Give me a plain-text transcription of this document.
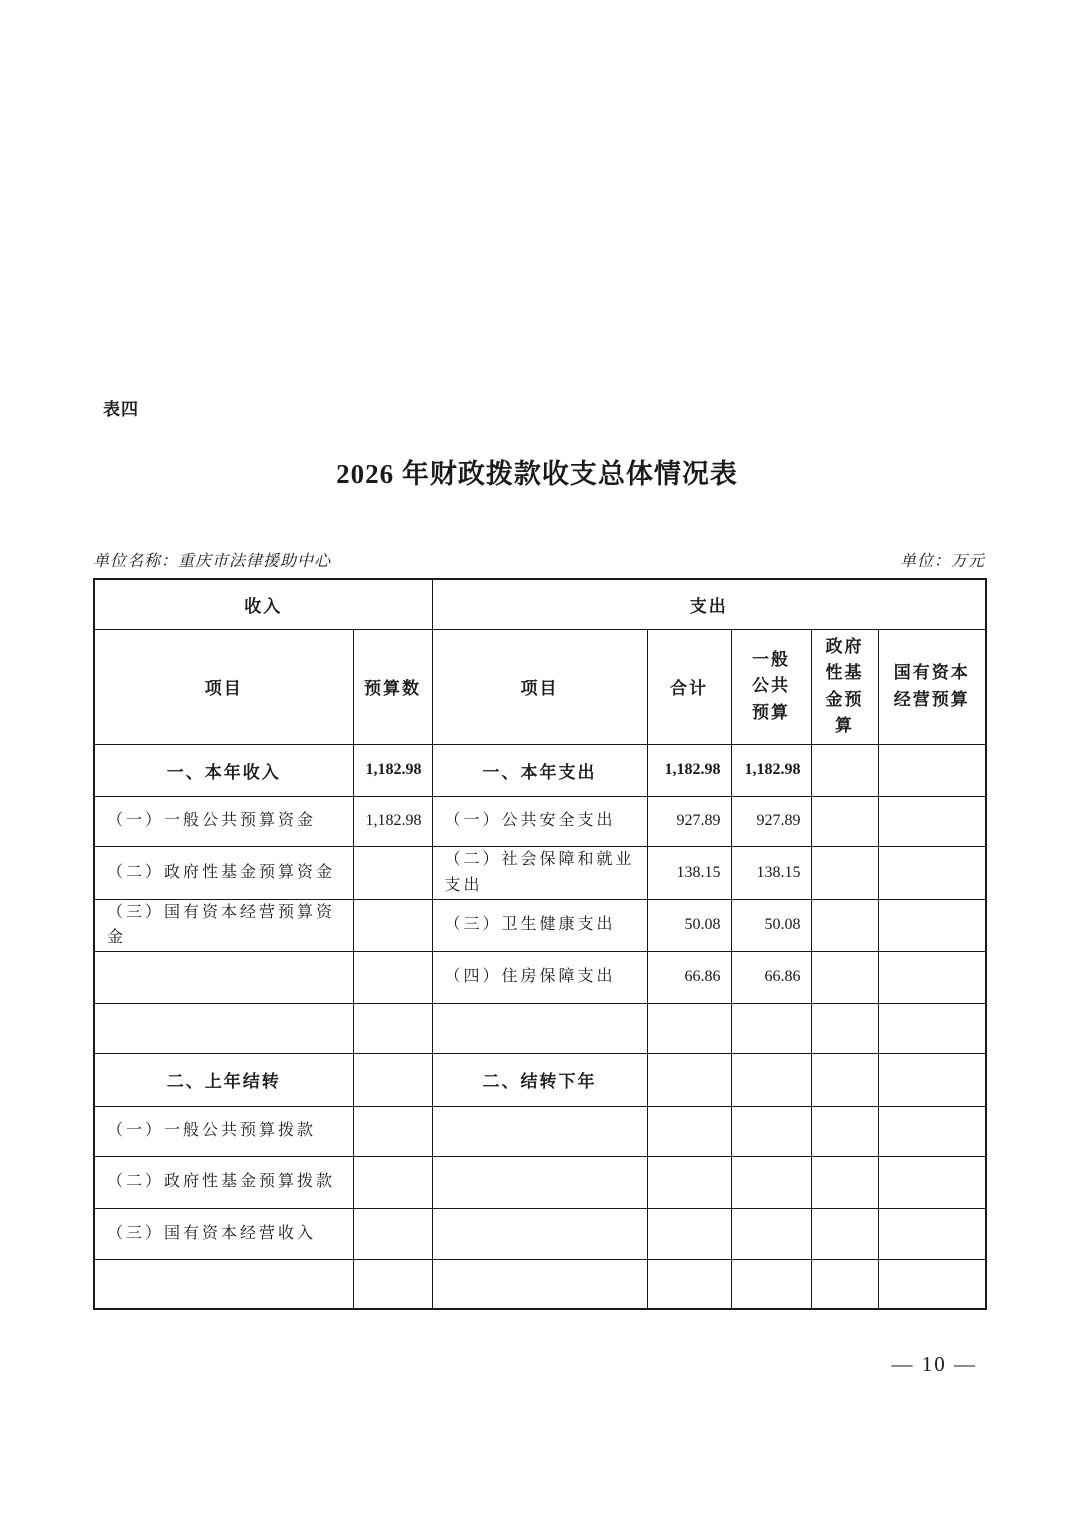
表四
2026 年财政拨款收支总体情况表
单位名称：重庆市法律援助中心	单位：万元
收入		支出				
项目	预算数	项目	合计	一般公共预算	政府性基金预算	国有资本经营预算
一、本年收入	1,182.98	一、本年支出	1,182.98	1,182.98		
（一）一般公共预算资金	1,182.98	（一）公共安全支出	927.89	927.89		
（二）政府性基金预算资金		（二）社会保障和就业支出	138.15	138.15		
（三）国有资本经营预算资金		（三）卫生健康支出	50.08	50.08		
		（四）住房保障支出	66.86	66.86		

二、上年结转		二、结转下年				
（一）一般公共预算拨款						
（二）政府性基金预算拨款						
（三）国有资本经营收入						

— 10 —
